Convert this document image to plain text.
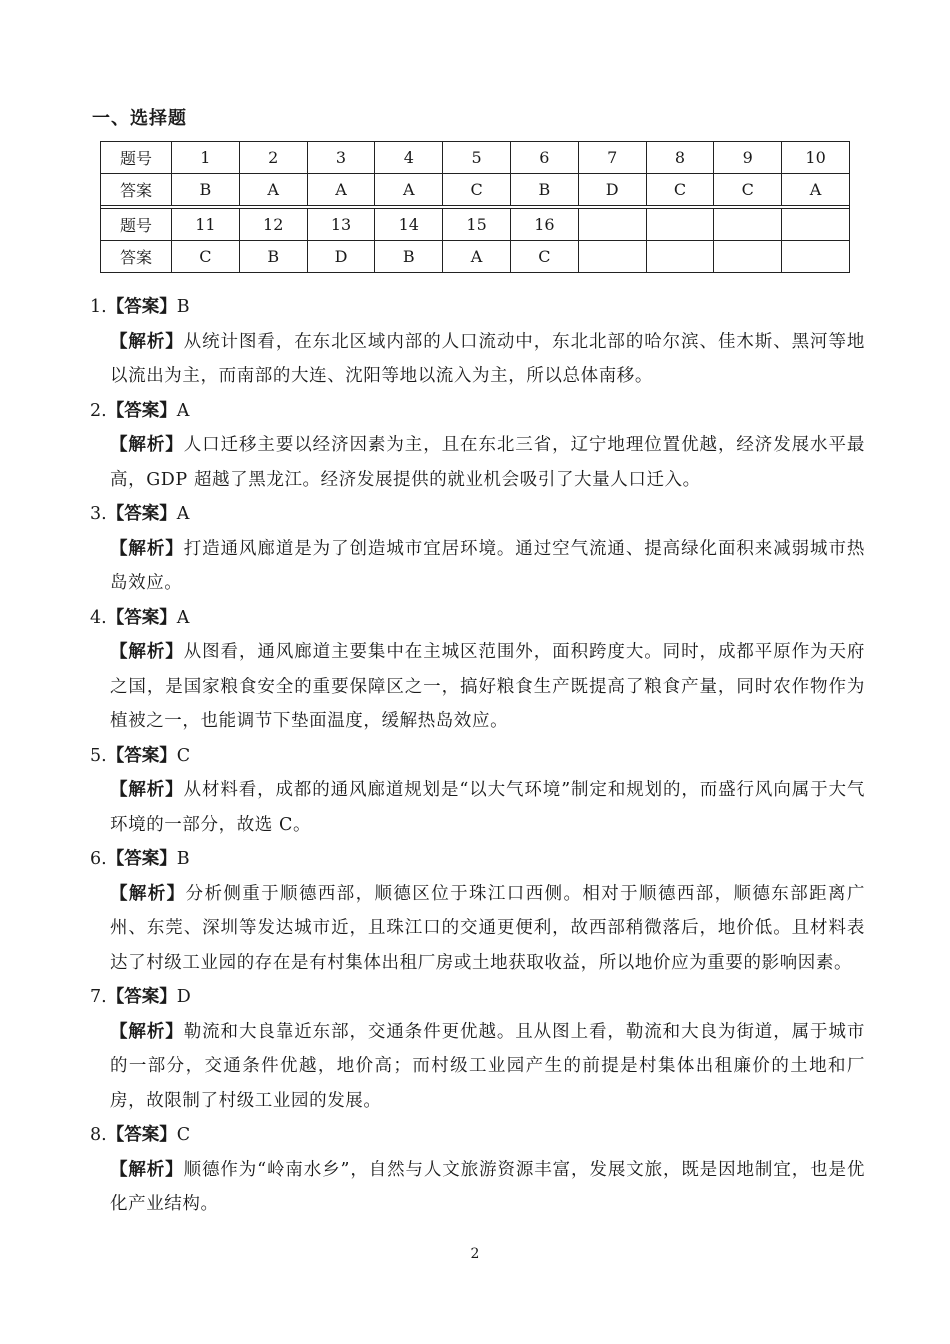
一、选择题
题号	1	2	3	4	5	6	7	8	9	10
答案	B	A	A	A	C	B	D	C	C	A
题号	11	12	13	14	15	16				
答案	C	B	D	B	A	C				
1.【答案】B
【解析】从统计图看，在东北区域内部的人口流动中，东北北部的哈尔滨、佳木斯、黑河等地以流出为主，而南部的大连、沈阳等地以流入为主，所以总体南移。
2.【答案】A
【解析】人口迁移主要以经济因素为主，且在东北三省，辽宁地理位置优越，经济发展水平最高，GDP 超越了黑龙江。经济发展提供的就业机会吸引了大量人口迁入。
3.【答案】A
【解析】打造通风廊道是为了创造城市宜居环境。通过空气流通、提高绿化面积来减弱城市热岛效应。
4.【答案】A
【解析】从图看，通风廊道主要集中在主城区范围外，面积跨度大。同时，成都平原作为天府之国，是国家粮食安全的重要保障区之一，搞好粮食生产既提高了粮食产量，同时农作物作为植被之一，也能调节下垫面温度，缓解热岛效应。
5.【答案】C
【解析】从材料看，成都的通风廊道规划是“以大气环境”制定和规划的，而盛行风向属于大气环境的一部分，故选 C。
6.【答案】B
【解析】分析侧重于顺德西部，顺德区位于珠江口西侧。相对于顺德西部，顺德东部距离广州、东莞、深圳等发达城市近，且珠江口的交通更便利，故西部稍微落后，地价低。且材料表达了村级工业园的存在是有村集体出租厂房或土地获取收益，所以地价应为重要的影响因素。
7.【答案】D
【解析】勒流和大良靠近东部，交通条件更优越。且从图上看，勒流和大良为街道，属于城市的一部分，交通条件优越，地价高；而村级工业园产生的前提是村集体出租廉价的土地和厂房，故限制了村级工业园的发展。
8.【答案】C
【解析】顺德作为“岭南水乡”，自然与人文旅游资源丰富，发展文旅，既是因地制宜，也是优化产业结构。
2
